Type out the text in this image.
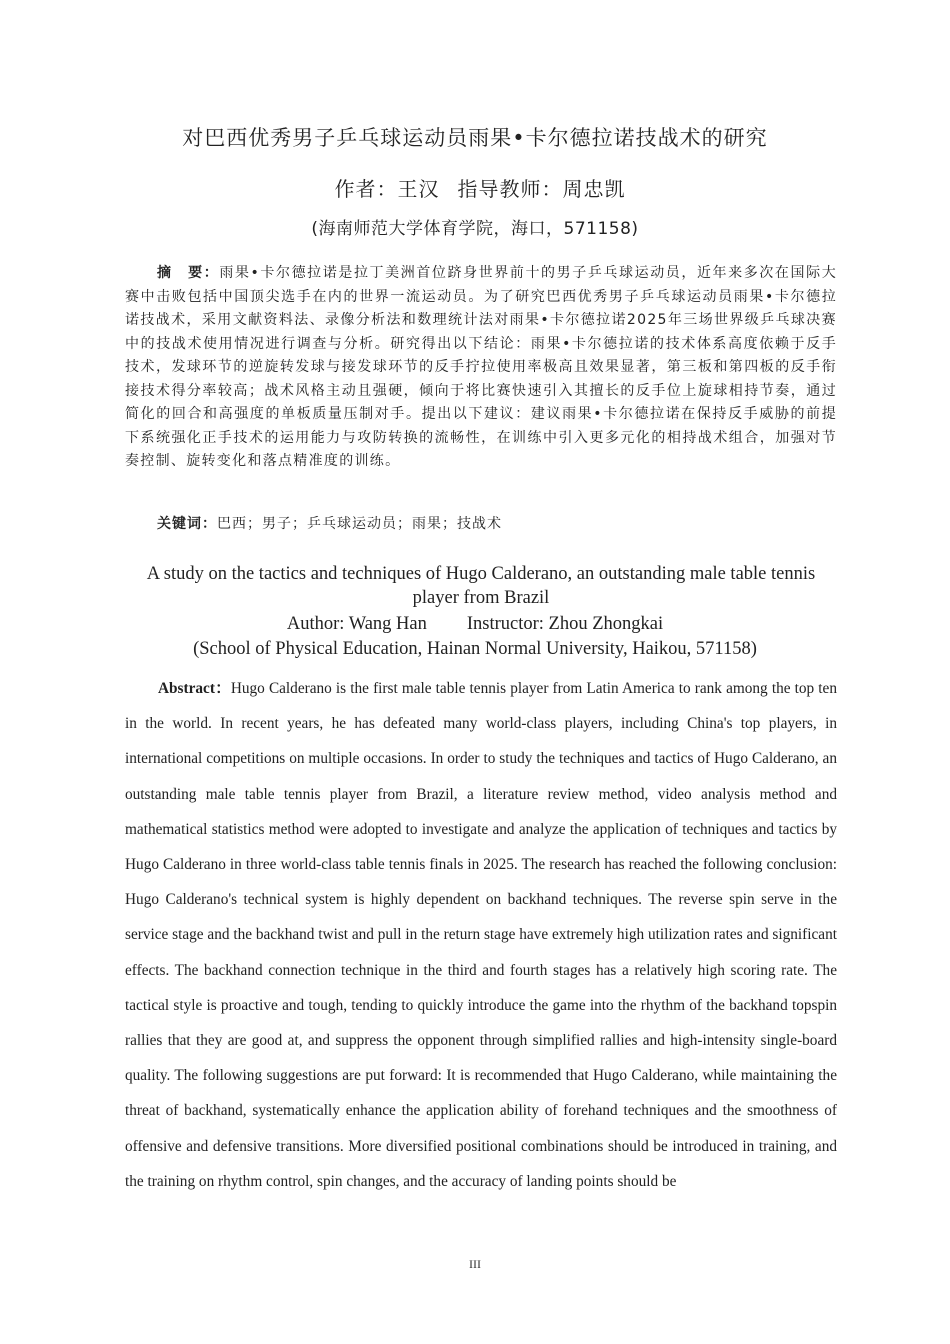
对巴西优秀男子乒乓球运动员雨果•卡尔德拉诺技战术的研究
作者：王汉 指导教师：周忠凯
(海南师范大学体育学院，海口，571158)

摘　要：雨果•卡尔德拉诺是拉丁美洲首位跻身世界前十的男子乒乓球运动员，近年来多次在国际大赛中击败包括中国顶尖选手在内的世界一流运动员。为了研究巴西优秀男子乒乓球运动员雨果•卡尔德拉诺技战术，采用文献资料法、录像分析法和数理统计法对雨果•卡尔德拉诺2025年三场世界级乒乓球决赛中的技战术使用情况进行调查与分析。研究得出以下结论：雨果•卡尔德拉诺的技术体系高度依赖于反手技术，发球环节的逆旋转发球与接发球环节的反手拧拉使用率极高且效果显著，第三板和第四板的反手衔接技术得分率较高；战术风格主动且强硬，倾向于将比赛快速引入其擅长的反手位上旋球相持节奏，通过简化的回合和高强度的单板质量压制对手。提出以下建议：建议雨果•卡尔德拉诺在保持反手威胁的前提下系统强化正手技术的运用能力与攻防转换的流畅性，在训练中引入更多元化的相持战术组合，加强对节奏控制、旋转变化和落点精准度的训练。

关键词：巴西；男子；乒乓球运动员；雨果；技战术

A study on the tactics and techniques of Hugo Calderano, an outstanding male table tennis player from Brazil

Author: Wang Han Instructor: Zhou Zhongkai

(School of Physical Education, Hainan Normal University, Haikou, 571158)

Abstract：Hugo Calderano is the first male table tennis player from Latin America to rank among the top ten in the world. In recent years, he has defeated many world-class players, including China's top players, in international competitions on multiple occasions. In order to study the techniques and tactics of Hugo Calderano, an outstanding male table tennis player from Brazil, a literature review method, video analysis method and mathematical statistics method were adopted to investigate and analyze the application of techniques and tactics by Hugo Calderano in three world-class table tennis finals in 2025. The research has reached the following conclusion: Hugo Calderano's technical system is highly dependent on backhand techniques. The reverse spin serve in the service stage and the backhand twist and pull in the return stage have extremely high utilization rates and significant effects. The backhand connection technique in the third and fourth stages has a relatively high scoring rate. The tactical style is proactive and tough, tending to quickly introduce the game into the rhythm of the backhand topspin rallies that they are good at, and suppress the opponent through simplified rallies and high-intensity single-board quality. The following suggestions are put forward: It is recommended that Hugo Calderano, while maintaining the threat of backhand, systematically enhance the application ability of forehand techniques and the smoothness of offensive and defensive transitions. More diversified positional combinations should be introduced in training, and the training on rhythm control, spin changes, and the accuracy of landing points should be

III
